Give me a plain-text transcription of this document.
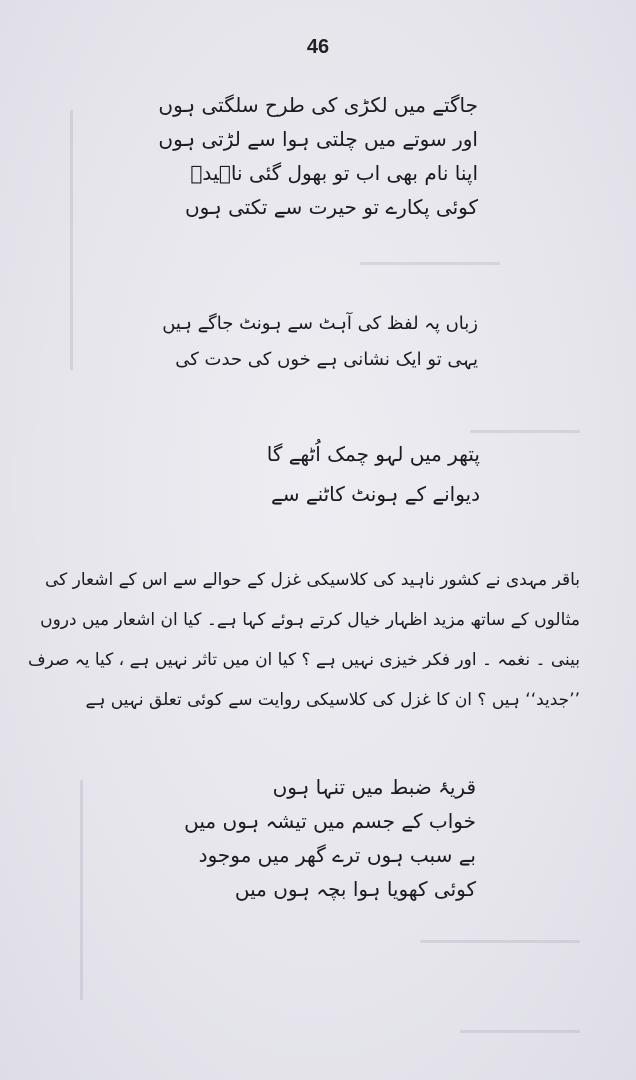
46
جاگتے میں لکڑی کی طرح سلگتی ہوں
اور سوتے میں چلتی ہوا سے لڑتی ہوں
اپنا نام بھی اب تو بھول گئی ناہیدؔ
کوئی پکارے تو حیرت سے تکتی ہوں
زباں پہ لفظ کی آہٹ سے ہونٹ جاگے ہیں
یہی تو ایک نشانی ہے خوں کی حدت کی
پتھر میں لہو چمک اُٹھے گا
دیوانے کے ہونٹ کاٹنے سے
باقر مہدی نے کشور ناہید کی کلاسیکی غزل کے حوالے سے اس کے اشعار کی
مثالوں کے ساتھ مزید اظہار خیال کرتے ہوئے کہا ہے۔ کیا ان اشعار میں دروں
بینی ۔ نغمہ ۔ اور فکر خیزی نہیں ہے ؟ کیا ان میں تاثر نہیں ہے ، کیا یہ صرف
’’جدید‘‘ ہیں ؟ ان کا غزل کی کلاسیکی روایت سے کوئی تعلق نہیں ہے
قریۂ ضبط میں تنہا ہوں
خواب کے جسم میں تیشہ ہوں میں
بے سبب ہوں ترے گھر میں موجود
کوئی کھویا ہوا بچہ ہوں میں
